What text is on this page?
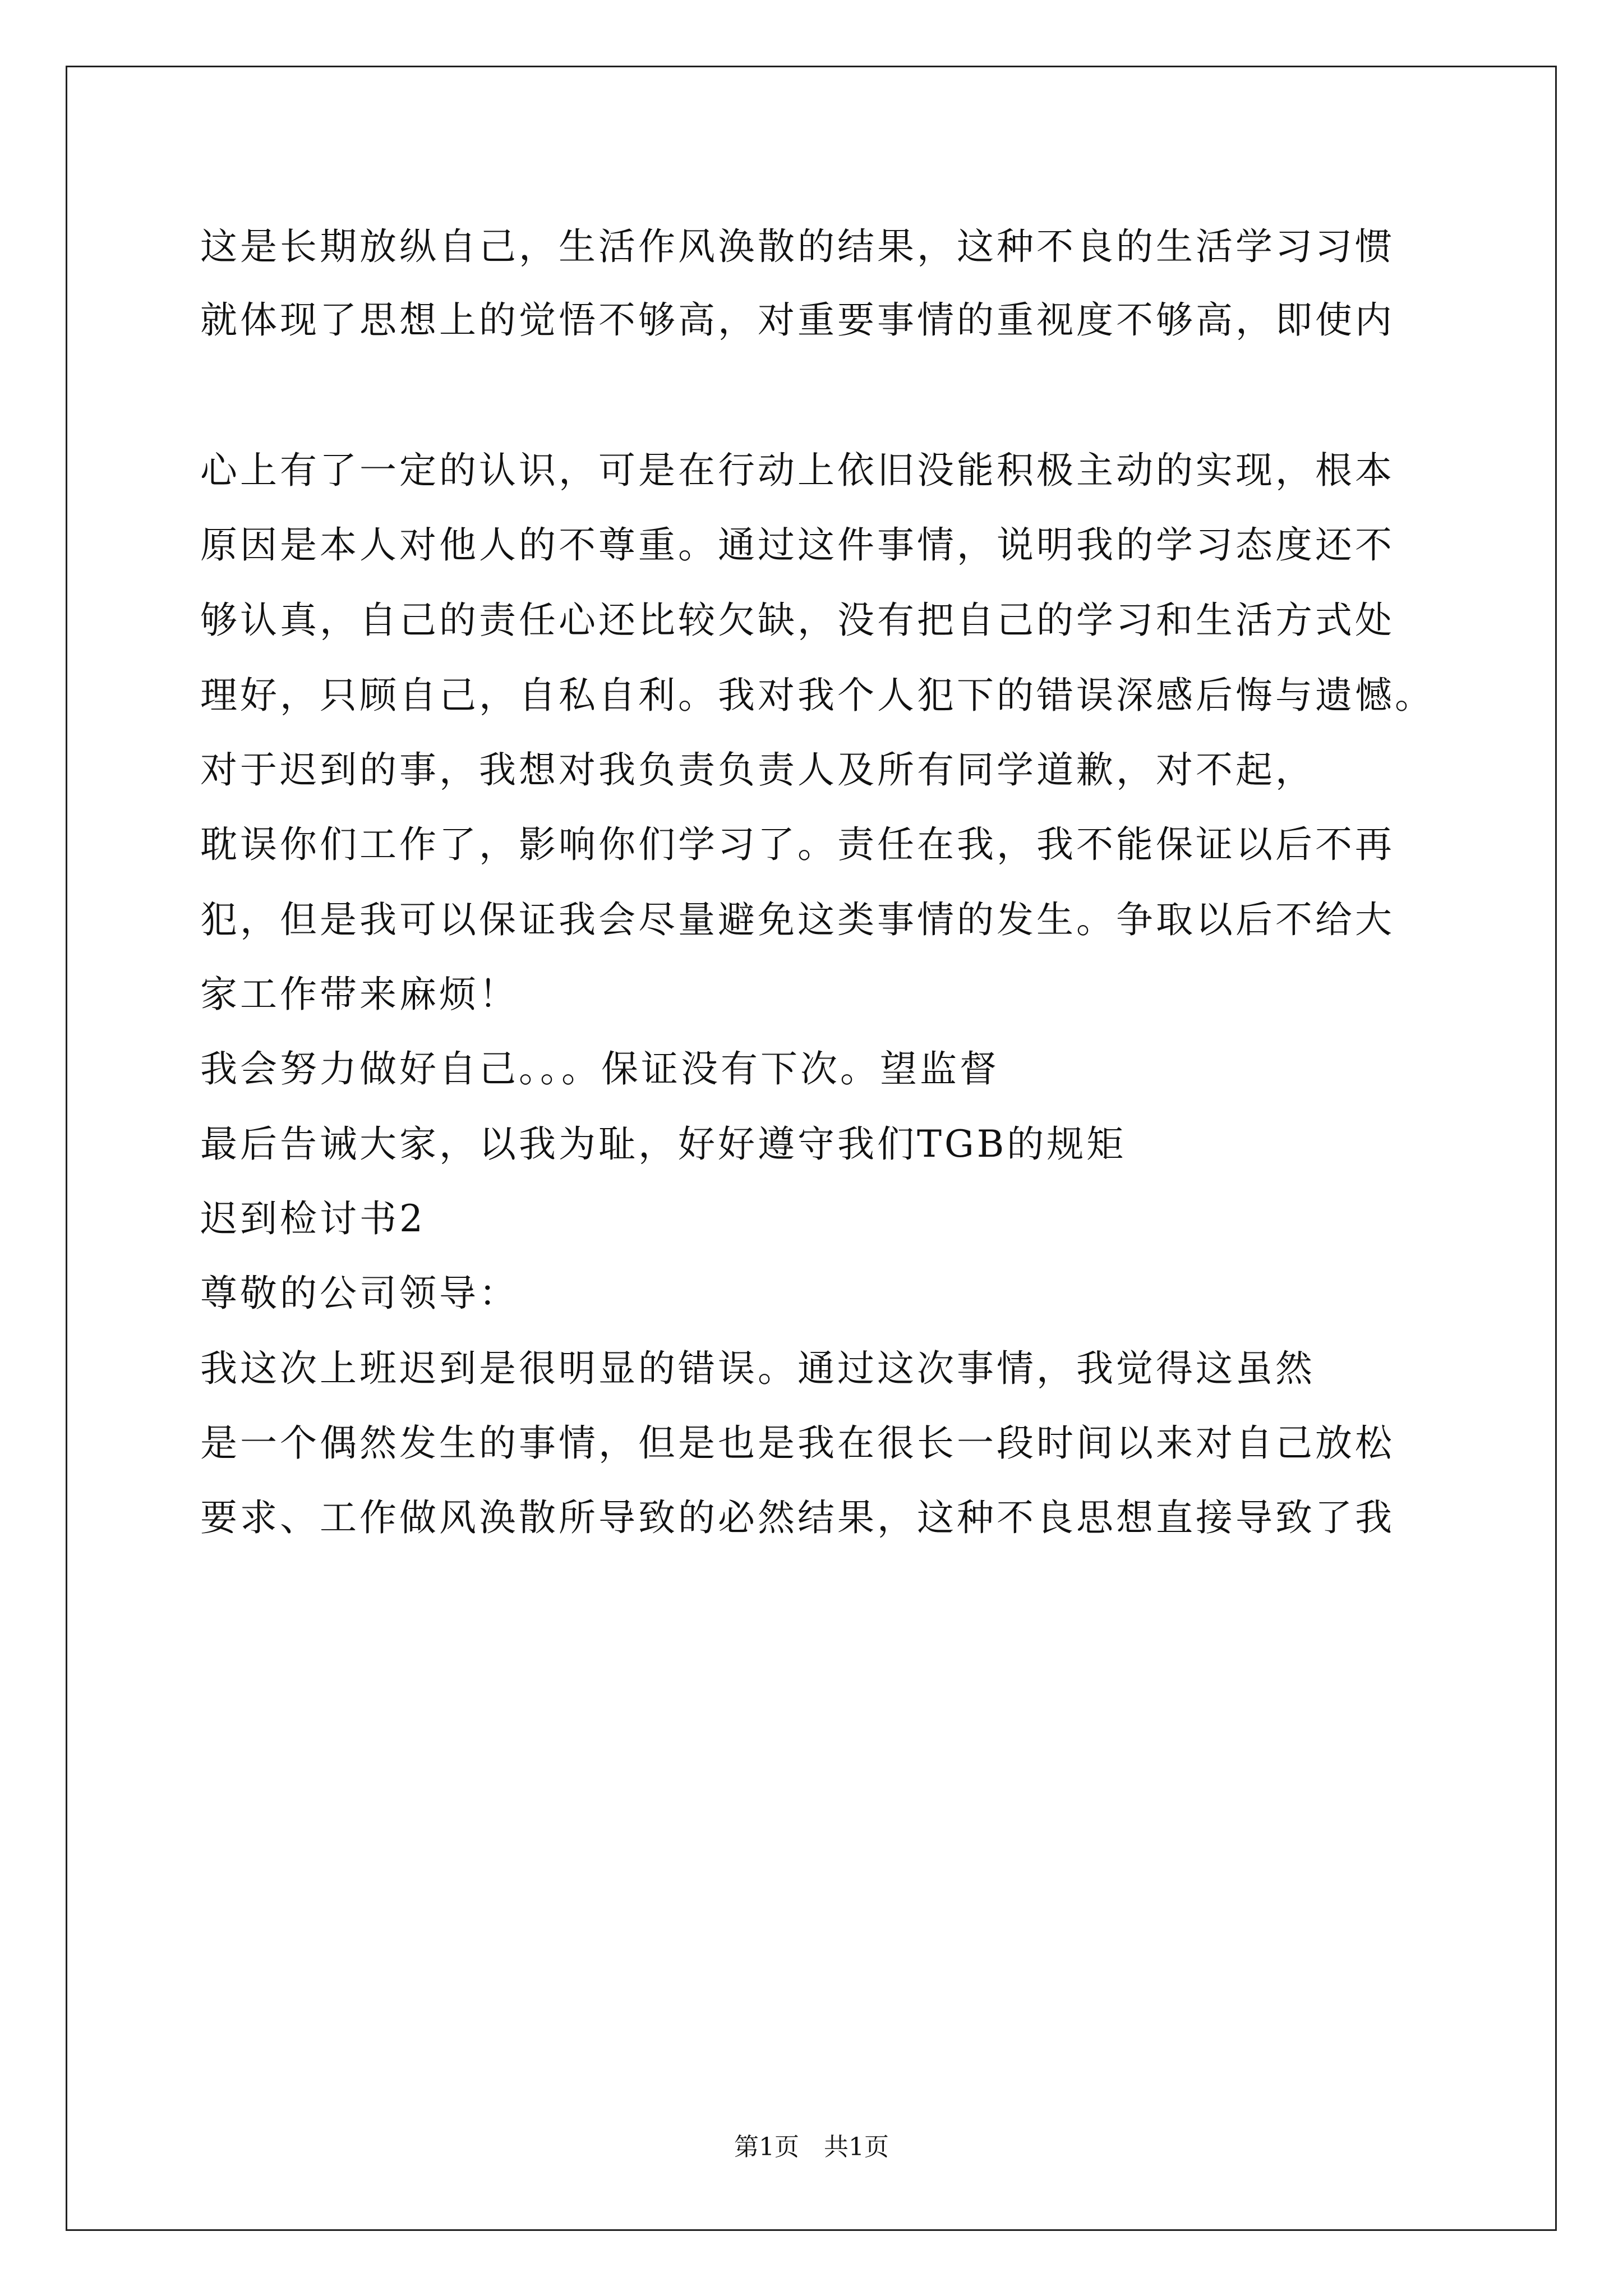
这是长期放纵自己，生活作风涣散的结果，这种不良的生活学习习惯
就体现了思想上的觉悟不够高，对重要事情的重视度不够高，即使内
心上有了一定的认识，可是在行动上依旧没能积极主动的实现，根本
原因是本人对他人的不尊重。通过这件事情，说明我的学习态度还不
够认真，自己的责任心还比较欠缺，没有把自己的学习和生活方式处
理好，只顾自己，自私自利。我对我个人犯下的错误深感后悔与遗憾。
对于迟到的事，我想对我负责负责人及所有同学道歉，对不起，
耽误你们工作了，影响你们学习了。责任在我，我不能保证以后不再
犯，但是我可以保证我会尽量避免这类事情的发生。争取以后不给大
家工作带来麻烦！
我会努力做好自己。。。保证没有下次。望监督
最后告诫大家，以我为耻，好好遵守我们TGB的规矩
迟到检讨书2
尊敬的公司领导：
我这次上班迟到是很明显的错误。通过这次事情，我觉得这虽然
是一个偶然发生的事情，但是也是我在很长一段时间以来对自己放松
要求、工作做风涣散所导致的必然结果，这种不良思想直接导致了我
第1页　共1页
